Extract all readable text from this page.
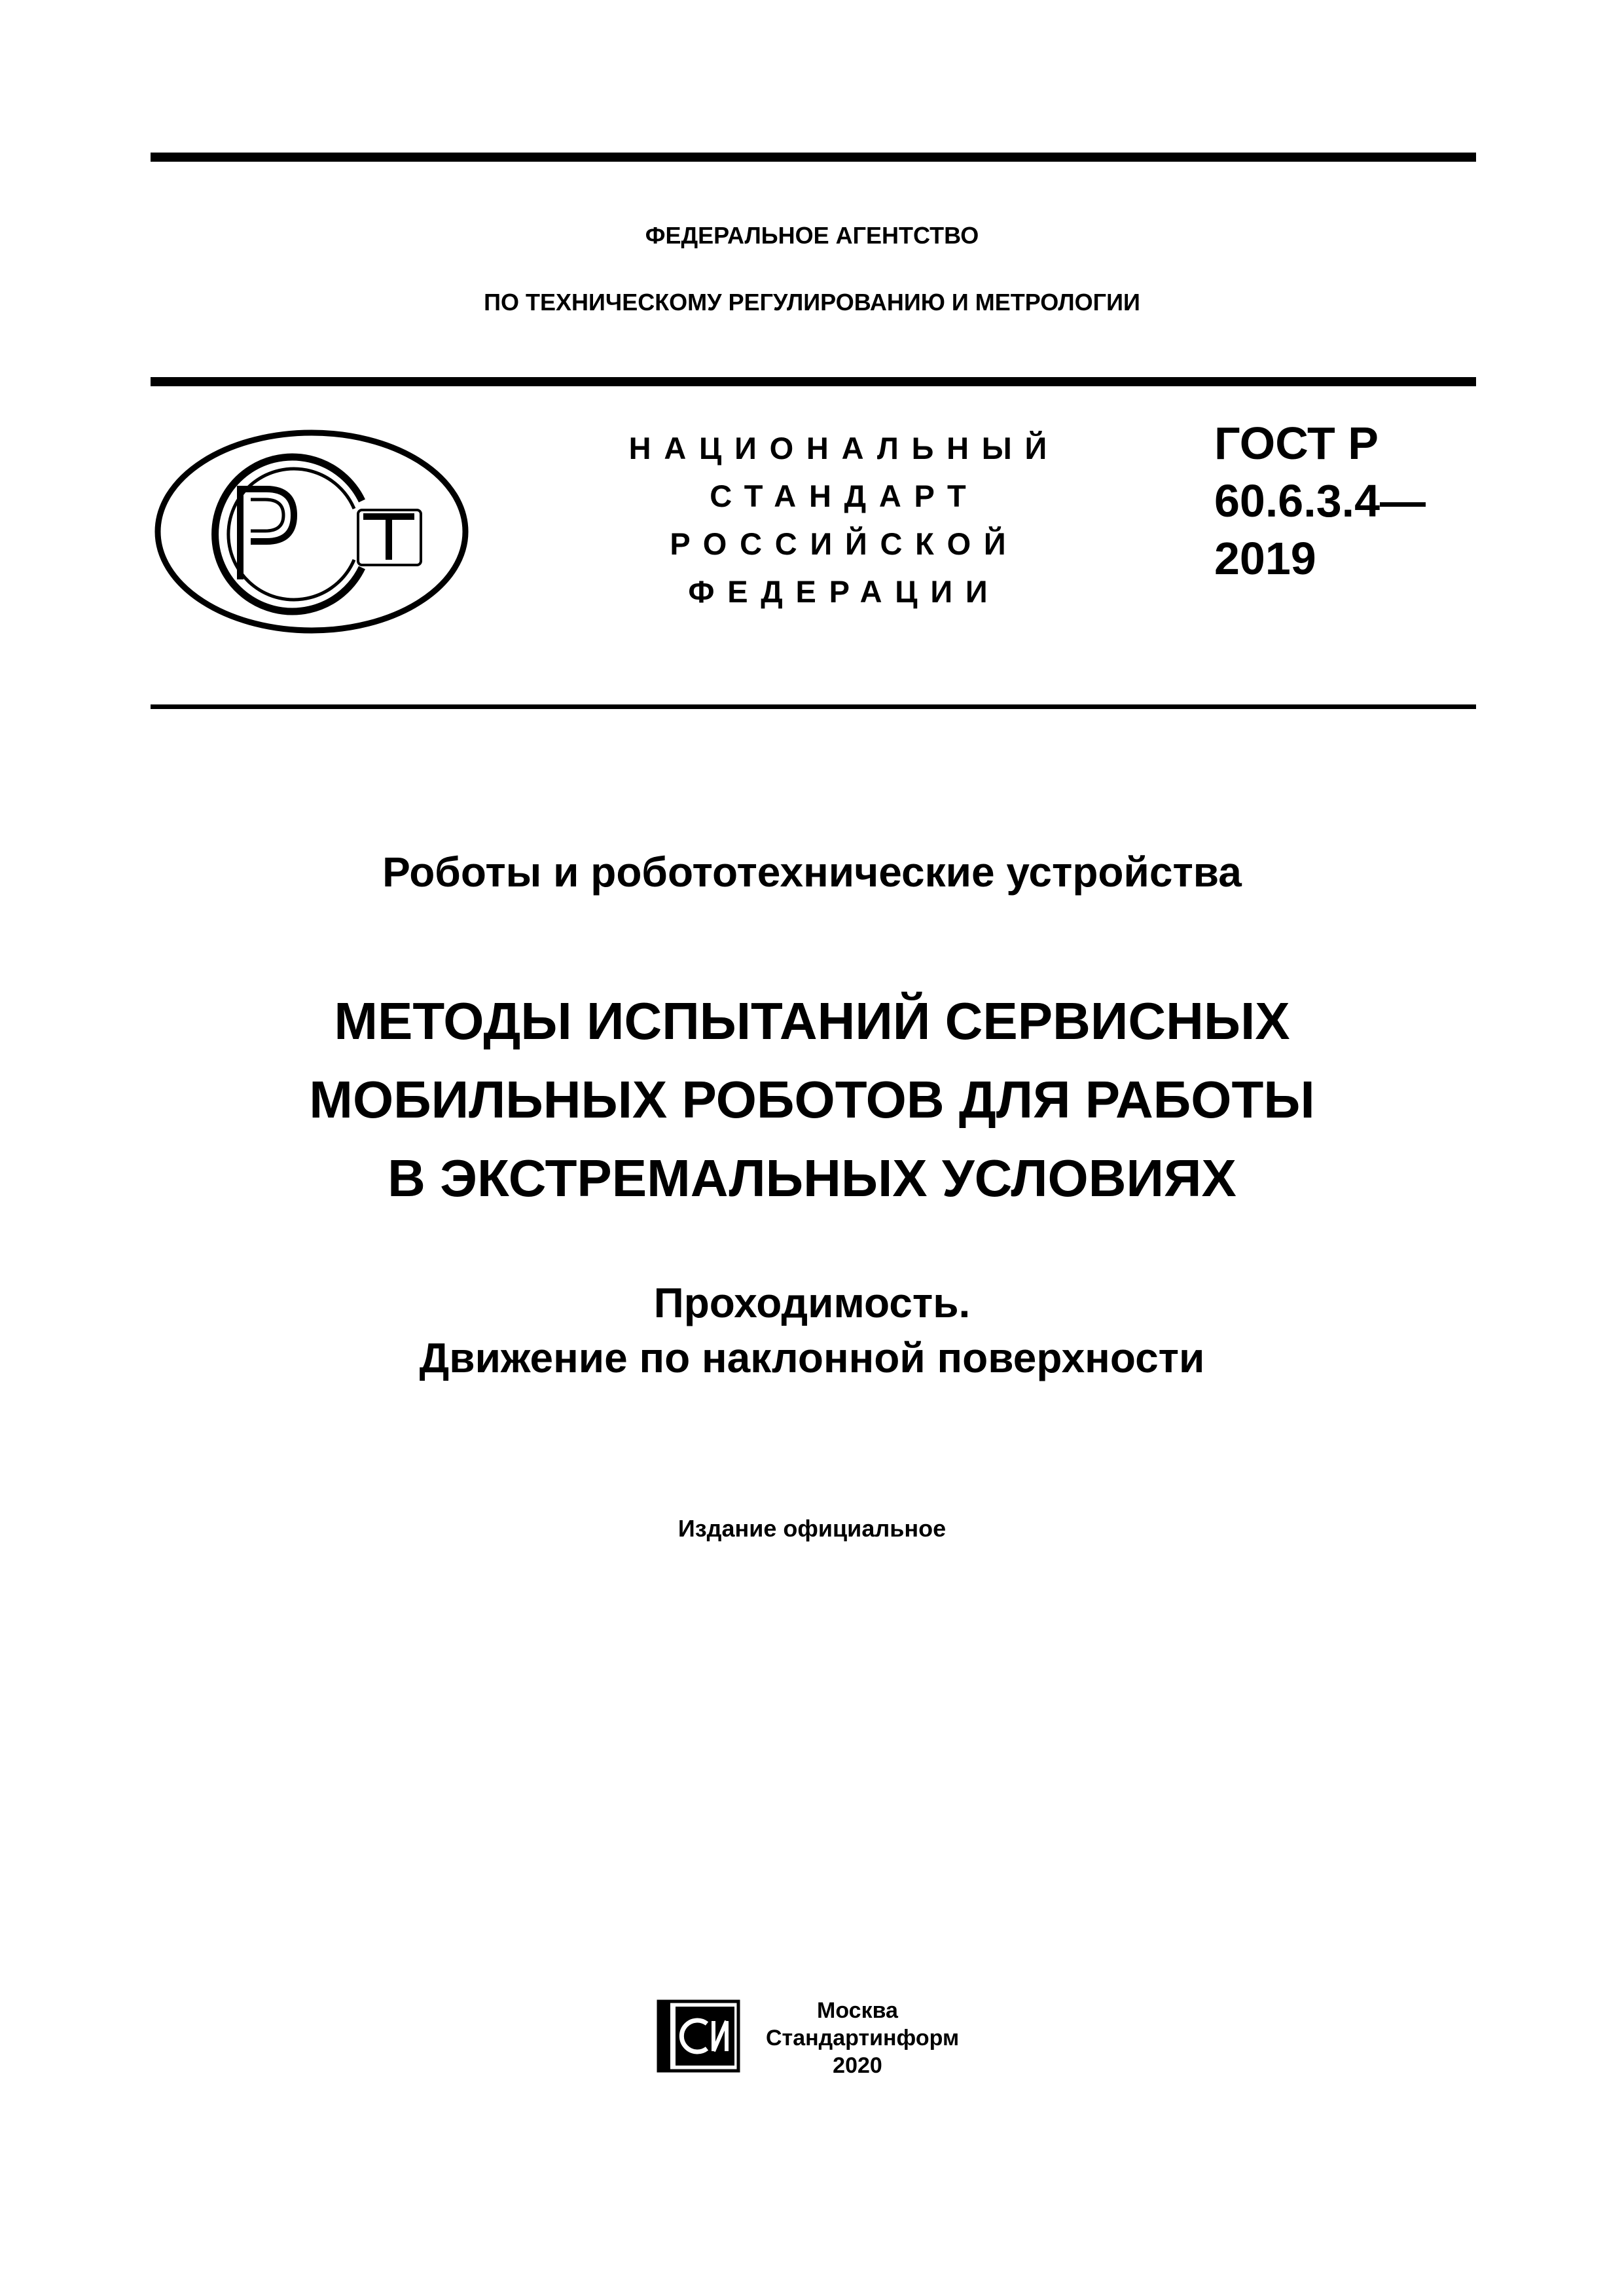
ФЕДЕРАЛЬНОЕ АГЕНТСТВО
ПО ТЕХНИЧЕСКОМУ РЕГУЛИРОВАНИЮ И МЕТРОЛОГИИ
НАЦИОНАЛЬНЫЙ
СТАНДАРТ
РОССИЙСКОЙ
ФЕДЕРАЦИИ
ГОСТ Р
60.6.3.4—
2019
Роботы и робототехнические устройства
МЕТОДЫ ИСПЫТАНИЙ СЕРВИСНЫХ
МОБИЛЬНЫХ РОБОТОВ ДЛЯ РАБОТЫ
В ЭКСТРЕМАЛЬНЫХ УСЛОВИЯХ
Проходимость.
Движение по наклонной поверхности
Издание официальное
Москва
Стандартинформ
2020
